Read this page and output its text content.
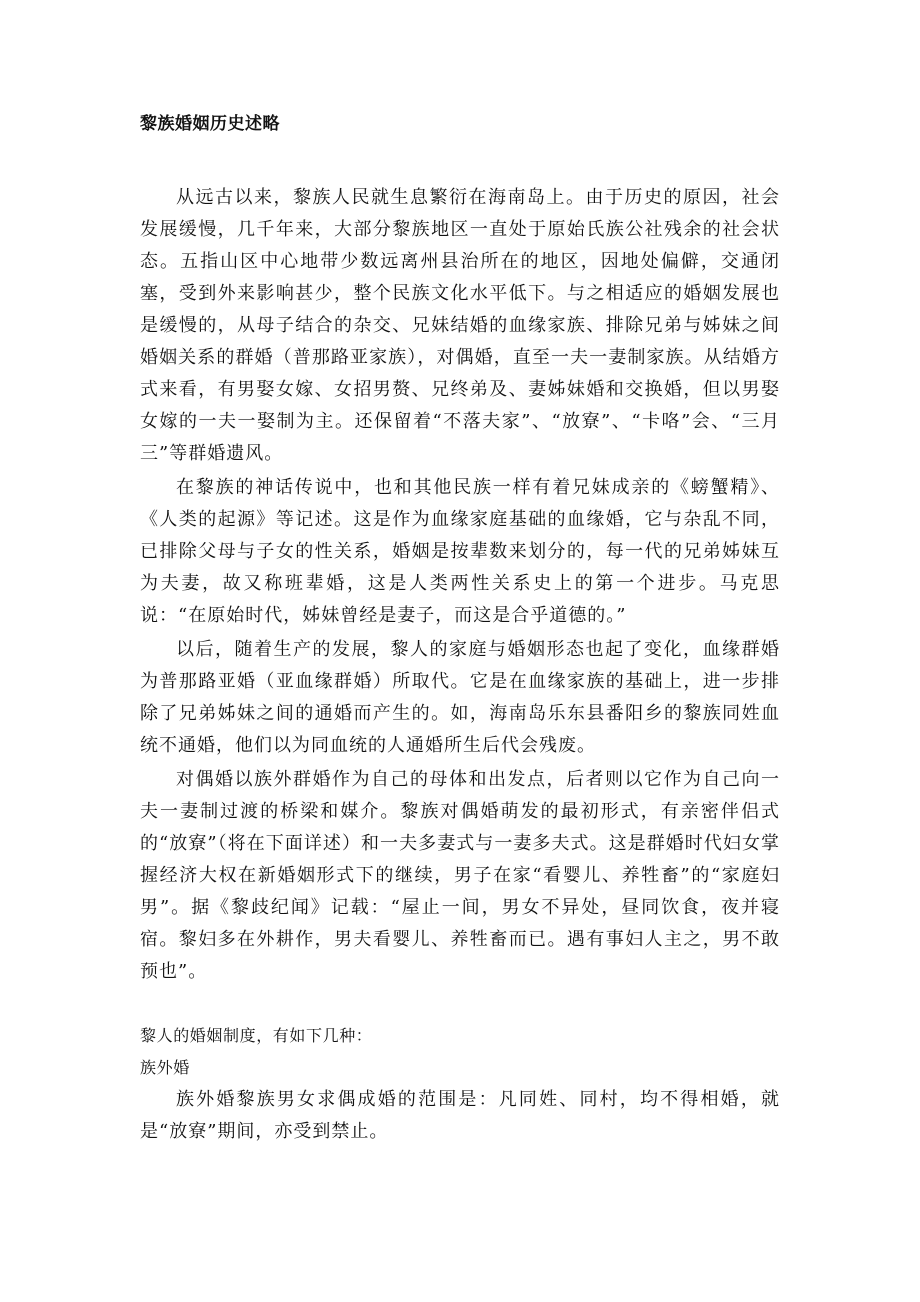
黎族婚姻历史述略

从远古以来，黎族人民就生息繁衍在海南岛上。由于历史的原因，社会发展缓慢，几千年来，大部分黎族地区一直处于原始氏族公社残余的社会状态。五指山区中心地带少数远离州县治所在的地区，因地处偏僻，交通闭塞，受到外来影响甚少，整个民族文化水平低下。与之相适应的婚姻发展也是缓慢的，从母子结合的杂交、兄妹结婚的血缘家族、排除兄弟与姊妹之间婚姻关系的群婚（普那路亚家族），对偶婚，直至一夫一妻制家族。从结婚方式来看，有男娶女嫁、女招男赘、兄终弟及、妻姊妹婚和交换婚，但以男娶女嫁的一夫一娶制为主。还保留着“不落夫家”、“放寮”、“卡咯”会、“三月三”等群婚遗风。

在黎族的神话传说中，也和其他民族一样有着兄妹成亲的《螃蟹精》、《人类的起源》等记述。这是作为血缘家庭基础的血缘婚，它与杂乱不同，已排除父母与子女的性关系，婚姻是按辈数来划分的，每一代的兄弟姊妹互为夫妻，故又称班辈婚，这是人类两性关系史上的第一个进步。马克思说：“在原始时代，姊妹曾经是妻子，而这是合乎道德的。”

以后，随着生产的发展，黎人的家庭与婚姻形态也起了变化，血缘群婚为普那路亚婚（亚血缘群婚）所取代。它是在血缘家族的基础上，进一步排除了兄弟姊妹之间的通婚而产生的。如，海南岛乐东县番阳乡的黎族同姓血统不通婚，他们以为同血统的人通婚所生后代会残废。

对偶婚以族外群婚作为自己的母体和出发点，后者则以它作为自己向一夫一妻制过渡的桥梁和媒介。黎族对偶婚萌发的最初形式，有亲密伴侣式的“放寮”（将在下面详述）和一夫多妻式与一妻多夫式。这是群婚时代妇女掌握经济大权在新婚姻形式下的继续，男子在家“看婴儿、养牲畜”的“家庭妇男”。据《黎歧纪闻》记载：“屋止一间，男女不异处，昼同饮食，夜并寝宿。黎妇多在外耕作，男夫看婴儿、养牲畜而已。遇有事妇人主之，男不敢预也”。

黎人的婚姻制度，有如下几种：

族外婚

族外婚黎族男女求偶成婚的范围是：凡同姓、同村，均不得相婚，就是“放寮”期间，亦受到禁止。
